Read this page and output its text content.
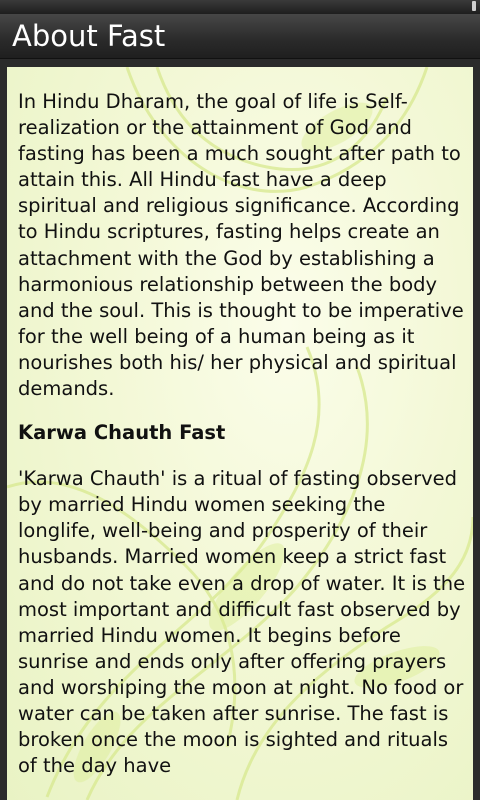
About Fast

In Hindu Dharam, the goal of life is Self-realization or the attainment of God and fasting has been a much sought after path to attain this. All Hindu fast have a deep spiritual and religious significance. According to Hindu scriptures, fasting helps create an attachment with the God by establishing a harmonious relationship between the body and the soul. This is thought to be imperative for the well being of a human being as it nourishes both his/ her physical and spiritual demands.

Karwa Chauth Fast

'Karwa Chauth' is a ritual of fasting observed by married Hindu women seeking the longlife, well-being and prosperity of their husbands. Married women keep a strict fast and do not take even a drop of water. It is the most important and difficult fast observed by married Hindu women. It begins before sunrise and ends only after offering prayers and worshiping the moon at night. No food or water can be taken after sunrise. The fast is broken once the moon is sighted and rituals of the day have
